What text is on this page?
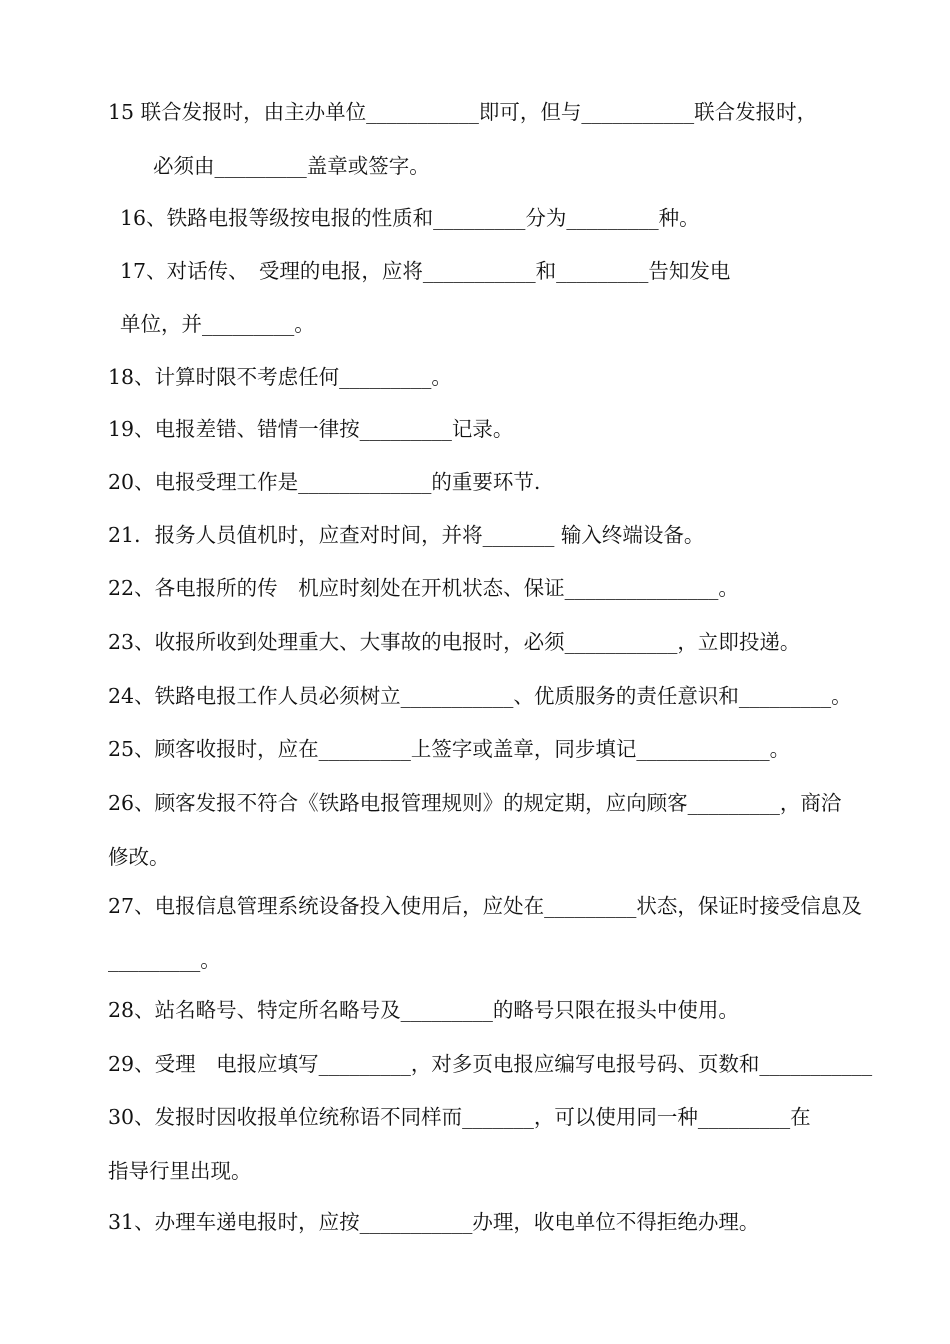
15 联合发报时，由主办单位___________即可，但与___________联合发报时，
必须由_________盖章或签字。
16、铁路电报等级按电报的性质和_________分为_________种。
17、对话传、　受理的电报，应将___________和_________告知发电
单位，并_________。
18、计算时限不考虑任何_________。
19、电报差错、错情一律按_________记录。
20、电报受理工作是_____________的重要环节.
21．报务人员值机时，应查对时间，并将_______ 输入终端设备。
22、各电报所的传　机应时刻处在开机状态、保证_______________。
23、收报所收到处理重大、大事故的电报时，必须___________，立即投递。
24、铁路电报工作人员必须树立___________、优质服务的责任意识和_________。
25、顾客收报时，应在_________上签字或盖章，同步填记_____________。
26、顾客发报不符合《铁路电报管理规则》的规定期，应向顾客_________，商洽
修改。
27、电报信息管理系统设备投入使用后，应处在_________状态，保证时接受信息及
_________。
28、站名略号、特定所名略号及_________的略号只限在报头中使用。
29、受理　电报应填写_________，对多页电报应编写电报号码、页数和___________
30、发报时因收报单位统称语不同样而_______，可以使用同一种_________在
指导行里出现。
31、办理车递电报时，应按___________办理，收电单位不得拒绝办理。
